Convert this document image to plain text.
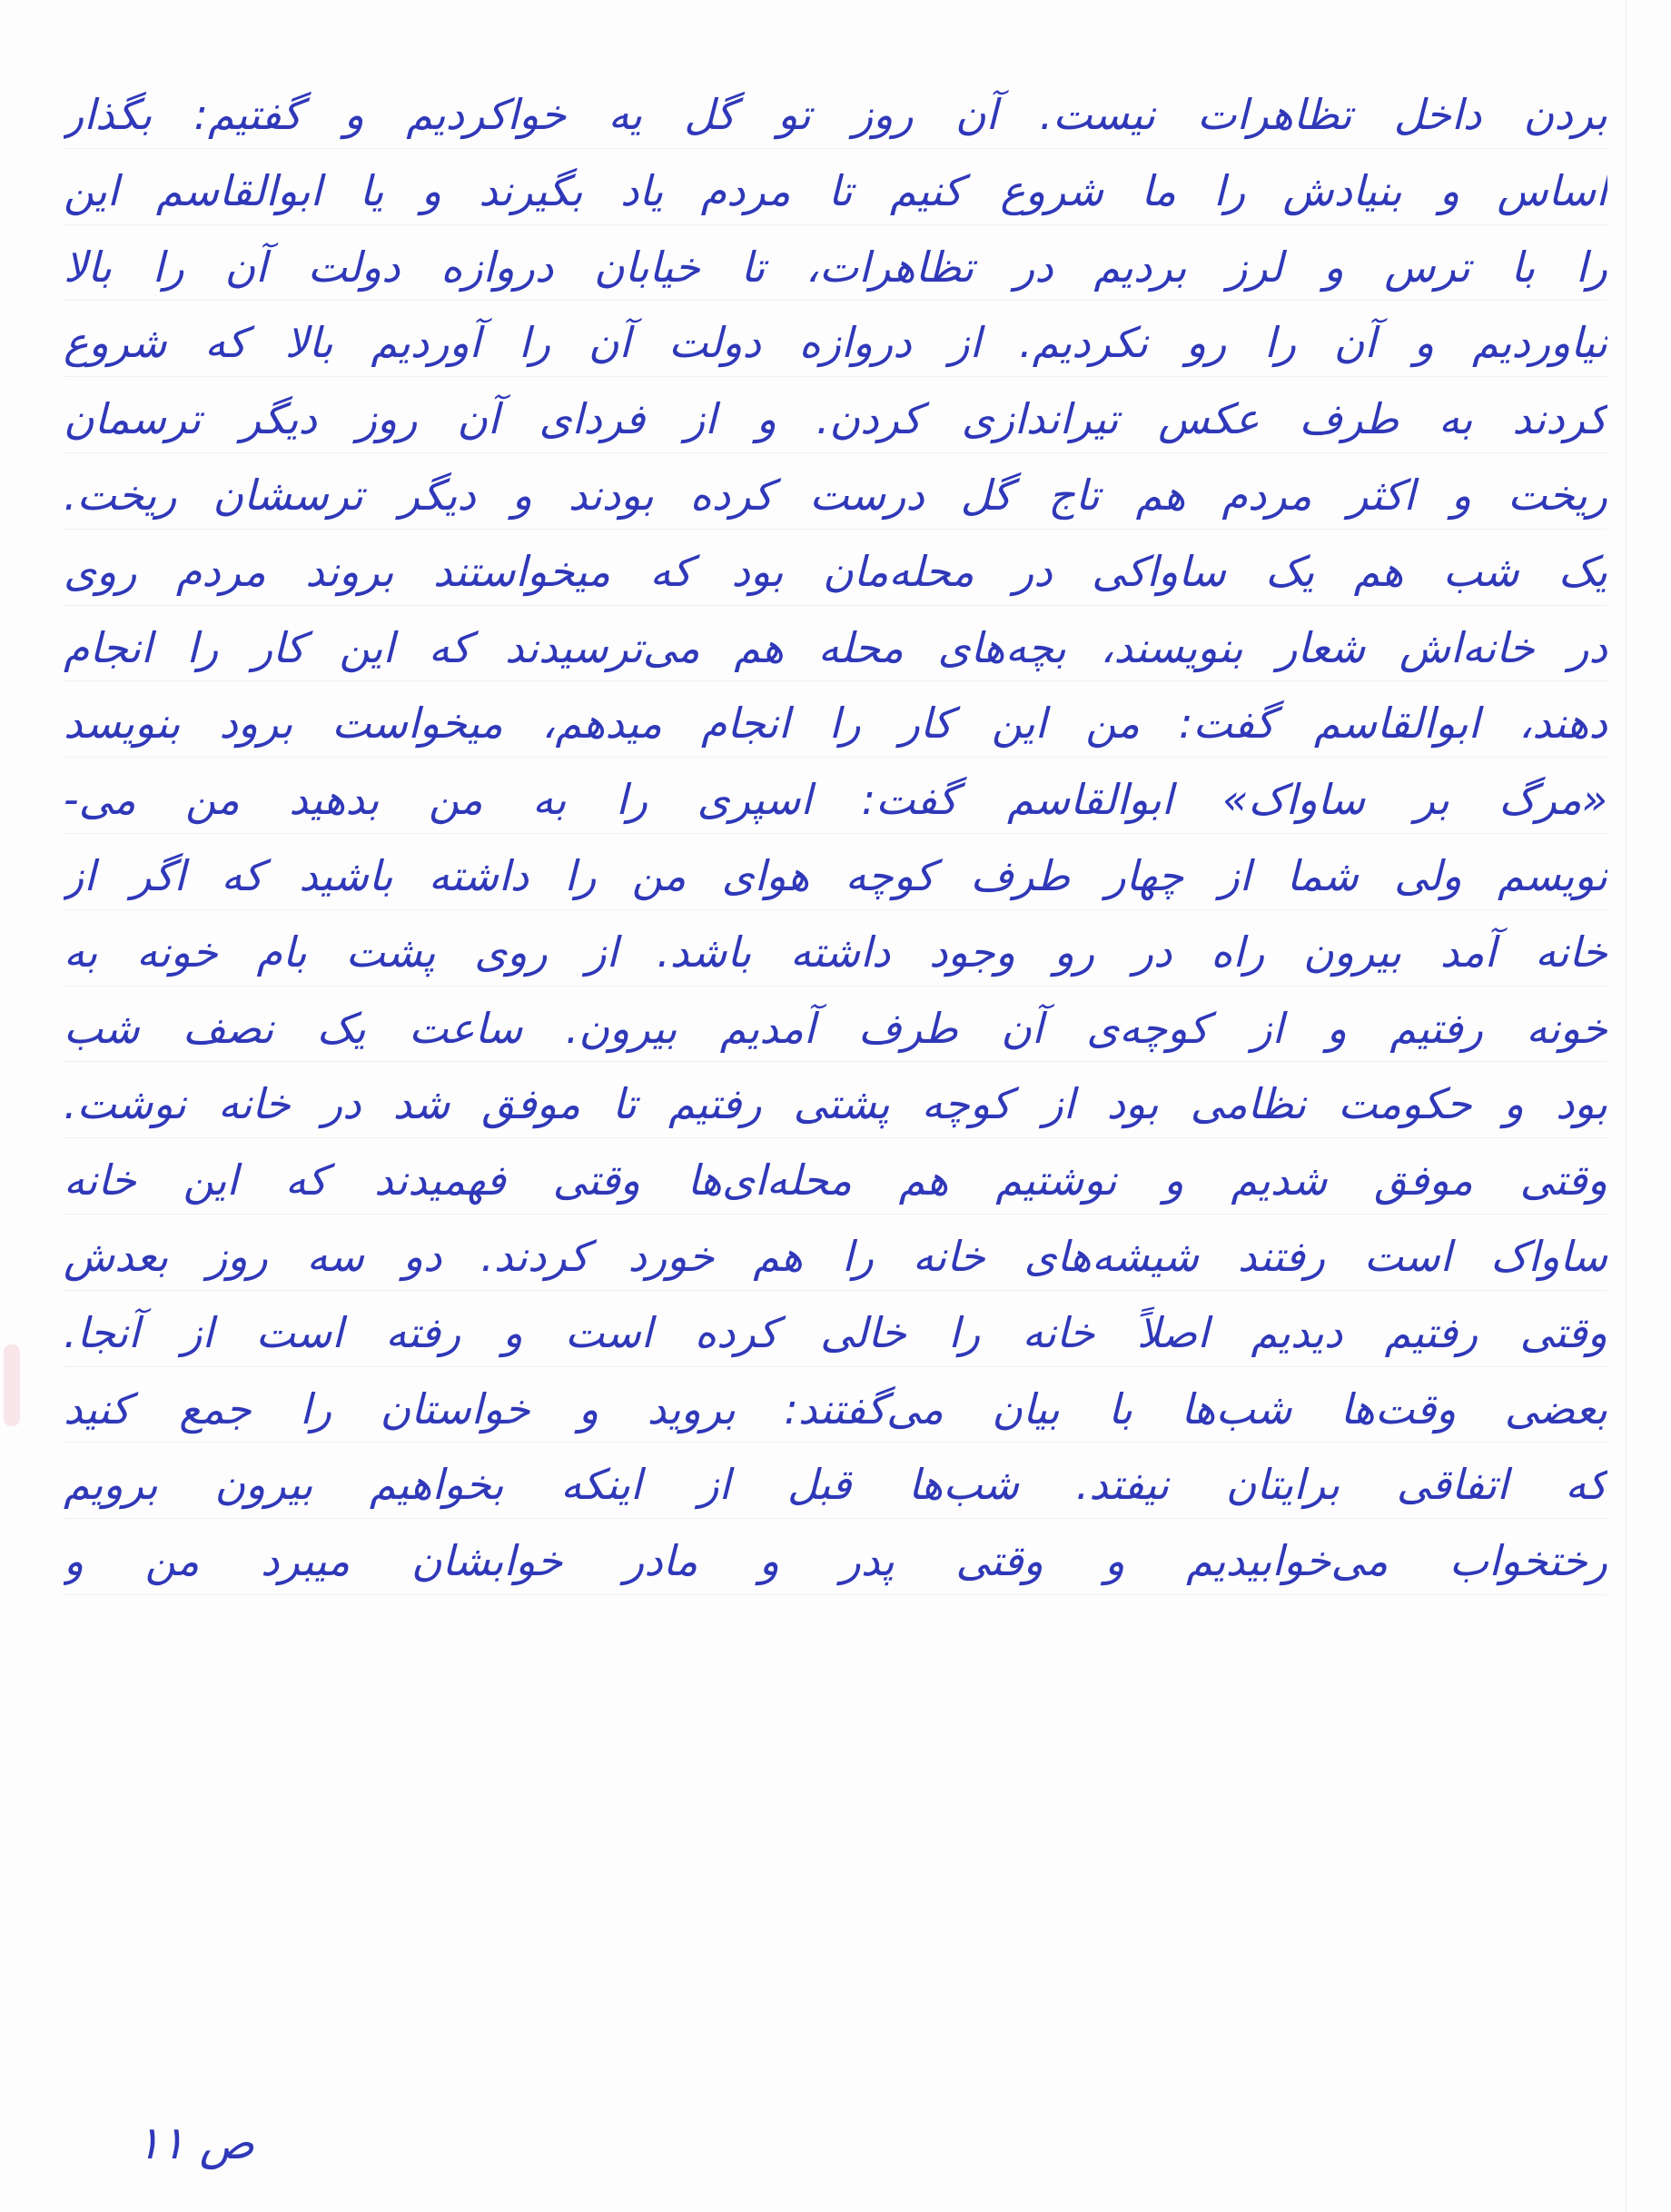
بردن داخل تظاهرات نیست. آن روز تو گل یه خواکردیم و گفتیم: بگذار
اساس و بنیادش را ما شروع کنیم تا مردم یاد بگیرند و یا ابوالقاسم این
را با ترس و لرز بردیم در تظاهرات، تا خیابان دروازه دولت آن را بالا
نیاوردیم و آن را رو نکردیم. از دروازه دولت آن را آوردیم بالا که شروع
کردند به طرف عکس تیراندازی کردن. و از فردای آن روز دیگر ترسمان
ریخت و اکثر مردم هم تاج گل درست کرده بودند و دیگر ترسشان ریخت.
یک شب هم یک ساواکی در محله‌مان بود که میخواستند بروند مردم روی
در خانه‌اش شعار بنویسند، بچه‌های محله هم می‌ترسیدند که این کار را انجام
دهند، ابوالقاسم گفت: من این کار را انجام میدهم، میخواست برود بنویسد
«مرگ بر ساواک» ابوالقاسم گفت: اسپری را به من بدهید من می-
نویسم ولی شما از چهار طرف کوچه هوای من را داشته باشید که اگر از
خانه آمد بیرون راه در رو وجود داشته باشد. از روی پشت بام خونه به
خونه رفتیم و از کوچه‌ی آن طرف آمدیم بیرون. ساعت یک نصف شب
بود و حکومت نظامی بود از کوچه پشتی رفتیم تا موفق شد در خانه نوشت.
وقتی موفق شدیم و نوشتیم هم محله‌ای‌ها وقتی فهمیدند که این خانه
ساواک است رفتند شیشه‌های خانه را هم خورد کردند. دو سه روز بعدش
وقتی رفتیم دیدیم اصلاً خانه را خالی کرده است و رفته است از آنجا.
بعضی وقت‌ها شب‌ها با بیان می‌گفتند: بروید و خواستان را جمع کنید
که اتفاقی برایتان نیفتد. شب‌ها قبل از اینکه بخواهیم بیرون برویم
رختخواب می‌خوابیدیم و وقتی پدر و مادر خوابشان میبرد من و
ص ۱۱
